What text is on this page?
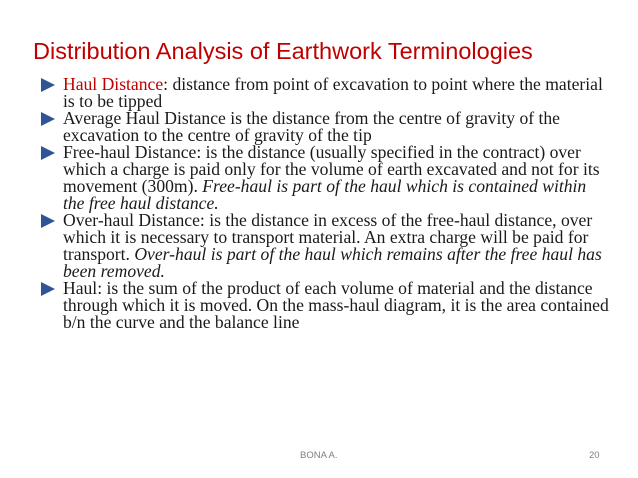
Distribution Analysis of Earthwork Terminologies
Haul Distance: distance from point of excavation to point where the material is to be tipped
Average Haul Distance is the distance from the centre of gravity of the excavation to the centre of gravity of the tip
Free-haul Distance: is the distance (usually specified in the contract) over which a charge is paid only for the volume of earth excavated and not for its movement (300m). Free-haul is part of the haul which is contained within the free haul distance.
Over-haul Distance: is the distance in excess of the free-haul distance, over which it is necessary to transport material. An extra charge will be paid for transport. Over-haul is part of the haul which remains after the free haul has been removed.
Haul: is the sum of the product of each volume of material and the distance through which it is moved. On the mass-haul diagram, it is the area contained b/n the curve and the balance line
BONA A.	20
